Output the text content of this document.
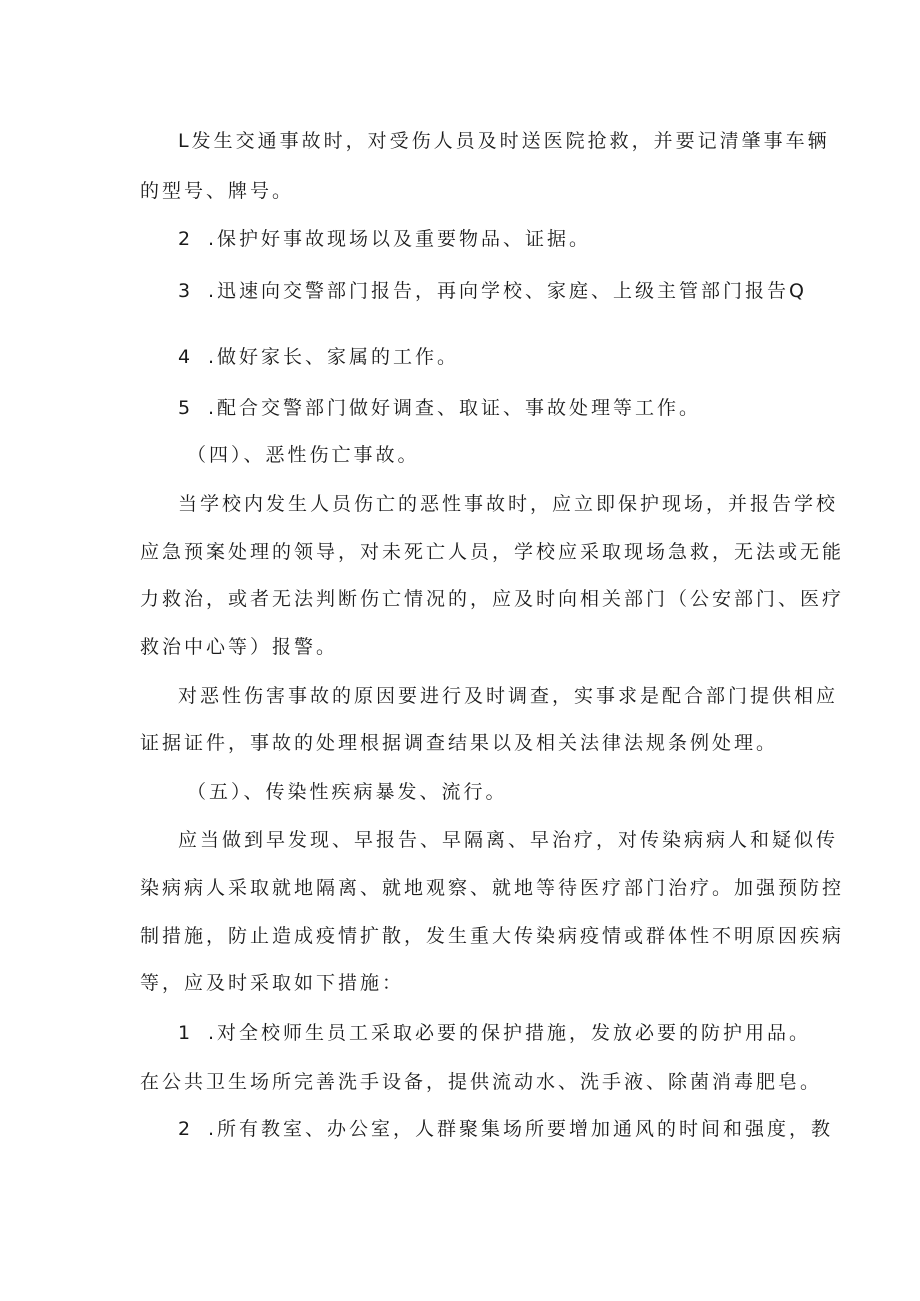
L发生交通事故时，对受伤人员及时送医院抢救，并要记清肇事车辆
的型号、牌号。
2 .保护好事故现场以及重要物品、证据。
3 .迅速向交警部门报告，再向学校、家庭、上级主管部门报告Q
4 .做好家长、家属的工作。
5 .配合交警部门做好调查、取证、事故处理等工作。
（四）、恶性伤亡事故。
当学校内发生人员伤亡的恶性事故时，应立即保护现场，并报告学校
应急预案处理的领导，对未死亡人员，学校应采取现场急救，无法或无能
力救治，或者无法判断伤亡情况的，应及时向相关部门（公安部门、医疗
救治中心等）报警。
对恶性伤害事故的原因要进行及时调查，实事求是配合部门提供相应
证据证件，事故的处理根据调查结果以及相关法律法规条例处理。
（五）、传染性疾病暴发、流行。
应当做到早发现、早报告、早隔离、早治疗，对传染病病人和疑似传
染病病人采取就地隔离、就地观察、就地等待医疗部门治疗。加强预防控
制措施，防止造成疫情扩散，发生重大传染病疫情或群体性不明原因疾病
等，应及时采取如下措施：
1 .对全校师生员工采取必要的保护措施，发放必要的防护用品。
在公共卫生场所完善洗手设备，提供流动水、洗手液、除菌消毒肥皂。
2 .所有教室、办公室，人群聚集场所要增加通风的时间和强度，教
